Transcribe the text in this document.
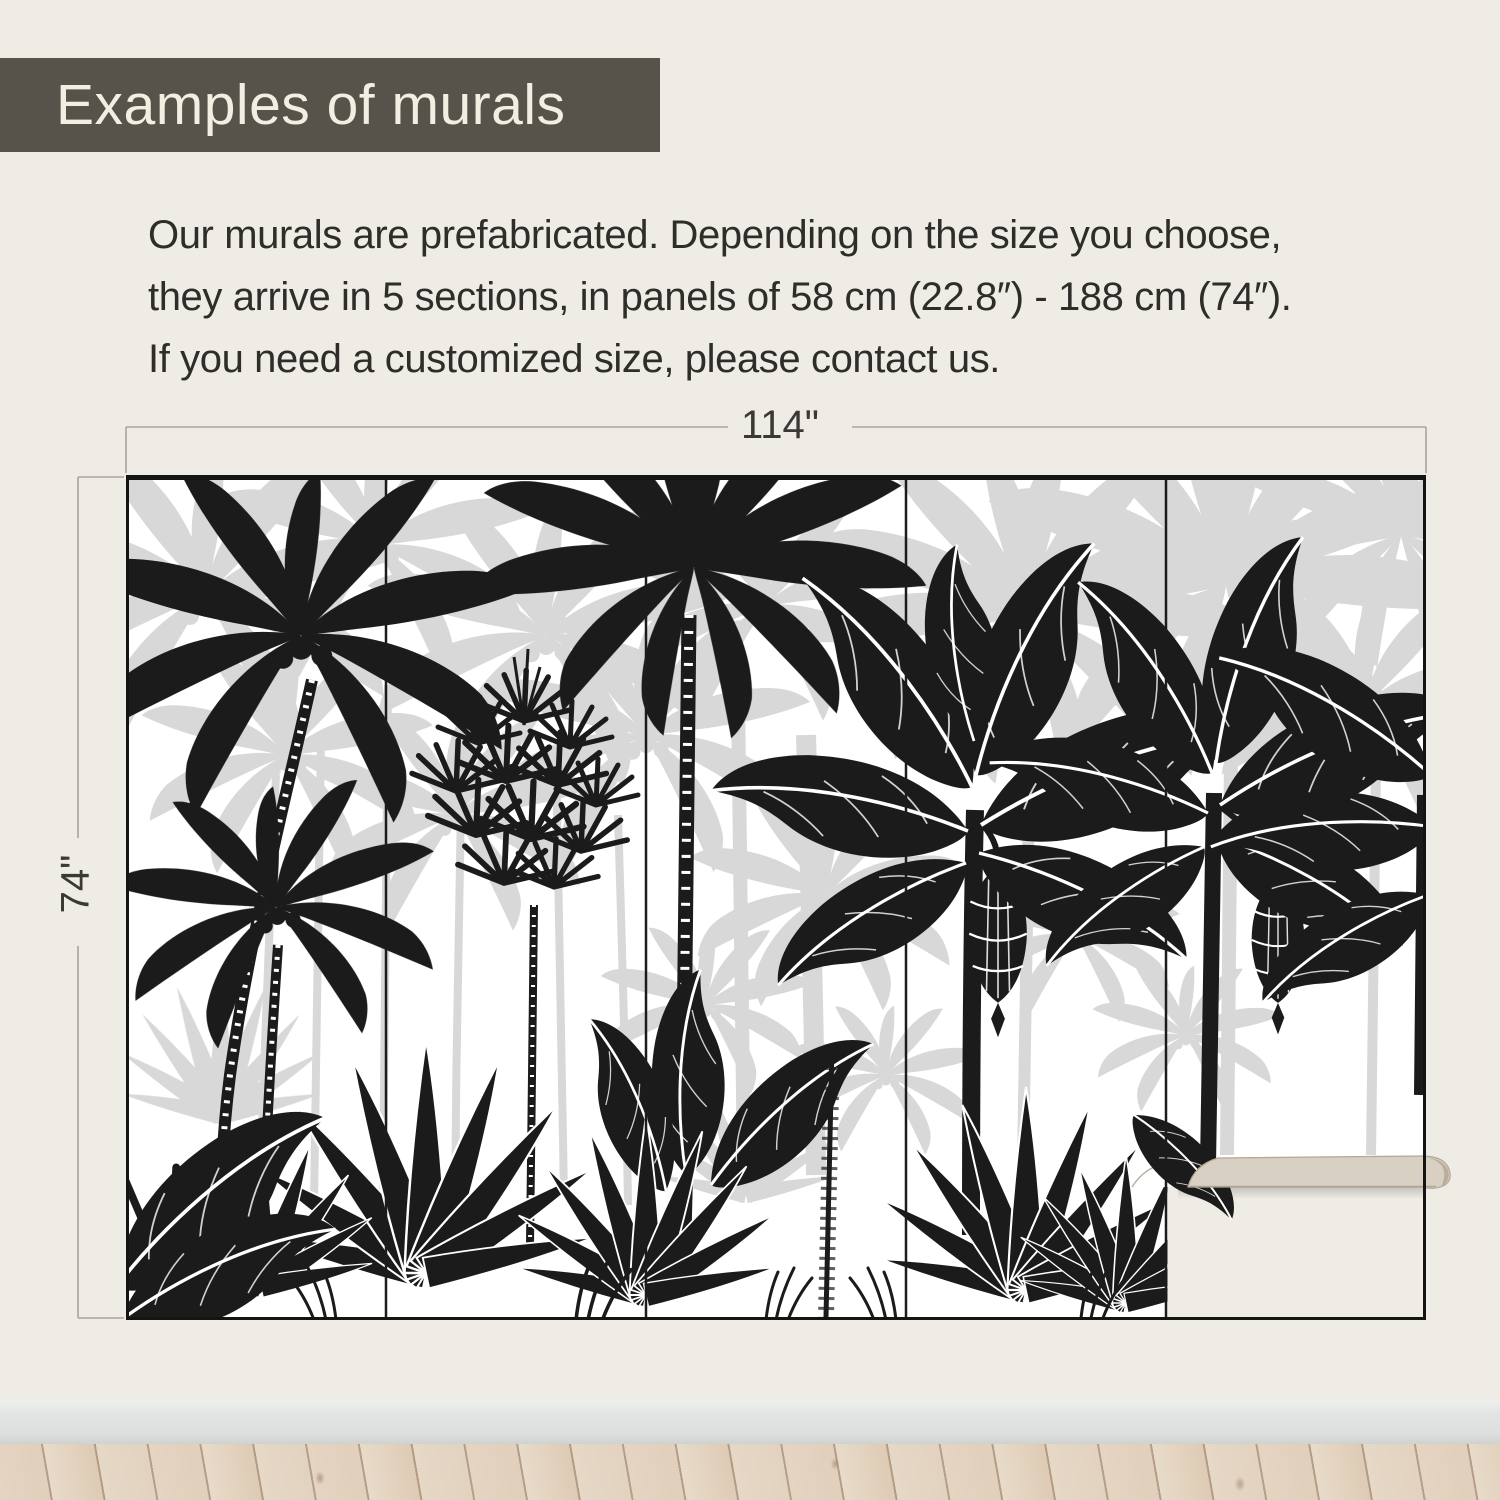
Examples of murals
Our murals are prefabricated. Depending on the size you choose,
they arrive in 5 sections, in panels of 58 cm (22.8″) - 188 cm (74″).
If you need a customized size, please contact us.
114"
74"
